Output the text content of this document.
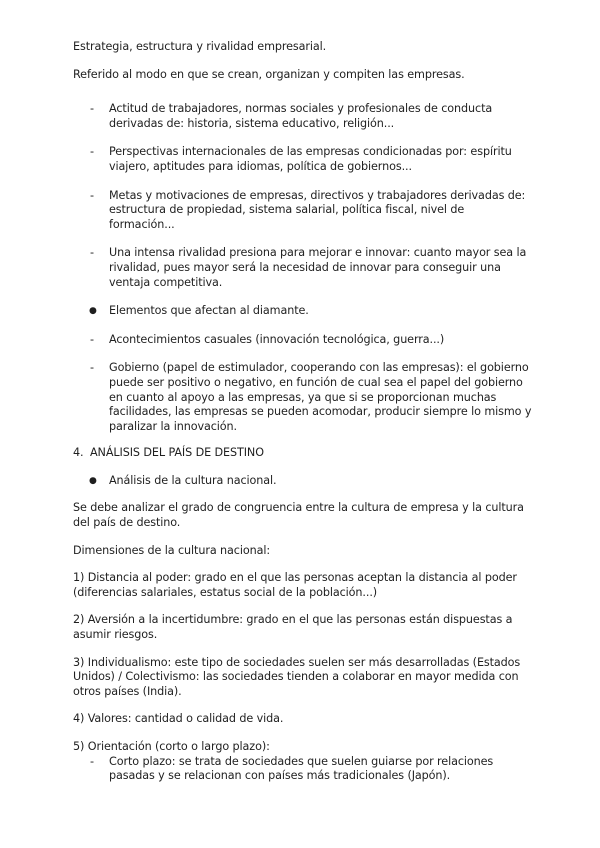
Estrategia, estructura y rivalidad empresarial.

Referido al modo en que se crean, organizan y compiten las empresas.

-	Actitud de trabajadores, normas sociales y profesionales de conducta derivadas de: historia, sistema educativo, religión...
-	Perspectivas internacionales de las empresas condicionadas por: espíritu viajero, aptitudes para idiomas, política de gobiernos...
-	Metas y motivaciones de empresas, directivos y trabajadores derivadas de: estructura de propiedad, sistema salarial, política fiscal, nivel de formación...
-	Una intensa rivalidad presiona para mejorar e innovar: cuanto mayor sea la rivalidad, pues mayor será la necesidad de innovar para conseguir una ventaja competitiva.
●	Elementos que afectan al diamante.
-	Acontecimientos casuales (innovación tecnológica, guerra...)
-	Gobierno (papel de estimulador, cooperando con las empresas): el gobierno puede ser positivo o negativo, en función de cual sea el papel del gobierno en cuanto al apoyo a las empresas, ya que si se proporcionan muchas facilidades, las empresas se pueden acomodar, producir siempre lo mismo y paralizar la innovación.

4. ANÁLISIS DEL PAÍS DE DESTINO

●	Análisis de la cultura nacional.

Se debe analizar el grado de congruencia entre la cultura de empresa y la cultura del país de destino.

Dimensiones de la cultura nacional:

1) Distancia al poder: grado en el que las personas aceptan la distancia al poder (diferencias salariales, estatus social de la población...)

2) Aversión a la incertidumbre: grado en el que las personas están dispuestas a asumir riesgos.

3) Individualismo: este tipo de sociedades suelen ser más desarrolladas (Estados Unidos) / Colectivismo: las sociedades tienden a colaborar en mayor medida con otros países (India).

4) Valores: cantidad o calidad de vida.

5) Orientación (corto o largo plazo):

-	Corto plazo: se trata de sociedades que suelen guiarse por relaciones pasadas y se relacionan con países más tradicionales (Japón).
